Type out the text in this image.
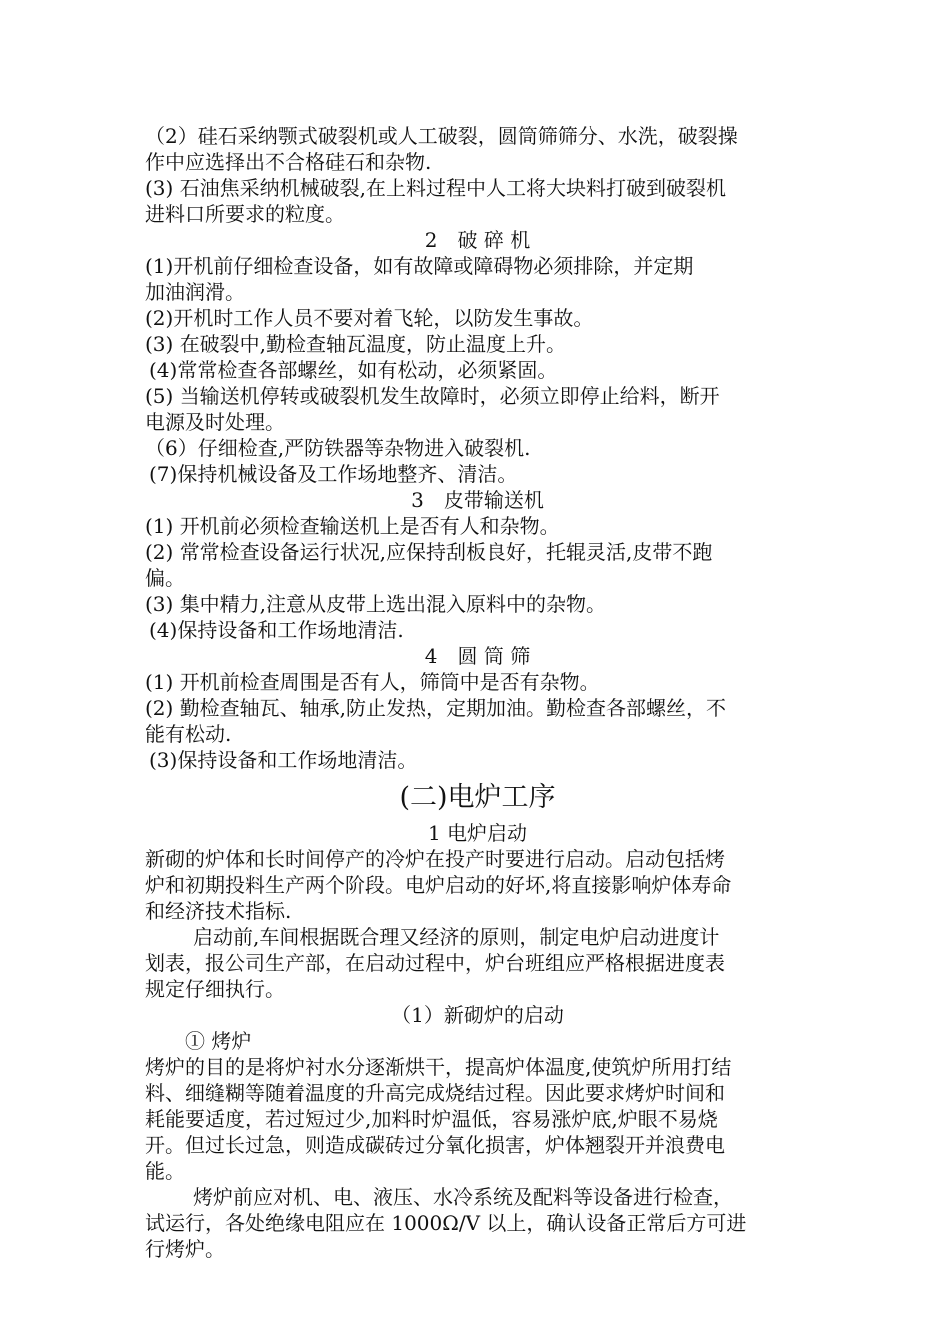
（2）硅石采纳颚式破裂机或人工破裂，圆筒筛筛分、水洗，破裂操

作中应选择出不合格硅石和杂物.

(3) 石油焦采纳机械破裂,在上料过程中人工将大块料打破到破裂机

进料口所要求的粒度。

2　破 碎 机

(1)开机前仔细检查设备，如有故障或障碍物必须排除，并定期

加油润滑。

(2)开机时工作人员不要对着飞轮，以防发生事故。

(3) 在破裂中,勤检查轴瓦温度，防止温度上升。

(4)常常检查各部螺丝，如有松动，必须紧固。

(5) 当输送机停转或破裂机发生故障时，必须立即停止给料，断开

电源及时处理。

（6）仔细检查,严防铁器等杂物进入破裂机.

(7)保持机械设备及工作场地整齐、清洁。

3　皮带输送机

(1) 开机前必须检查输送机上是否有人和杂物。

(2) 常常检查设备运行状况,应保持刮板良好，托辊灵活,皮带不跑

偏。

(3) 集中精力,注意从皮带上选出混入原料中的杂物。

(4)保持设备和工作场地清洁.

4　圆 筒 筛

(1) 开机前检查周围是否有人，筛筒中是否有杂物。

(2) 勤检查轴瓦、轴承,防止发热，定期加油。勤检查各部螺丝，不

能有松动.

(3)保持设备和工作场地清洁。

(二)电炉工序

1 电炉启动

新砌的炉体和长时间停产的冷炉在投产时要进行启动。启动包括烤

炉和初期投料生产两个阶段。电炉启动的好坏,将直接影响炉体寿命

和经济技术指标.

启动前,车间根据既合理又经济的原则，制定电炉启动进度计

划表，报公司生产部，在启动过程中，炉台班组应严格根据进度表

规定仔细执行。

（1）新砌炉的启动

① 烤炉

烤炉的目的是将炉衬水分逐渐烘干，提高炉体温度,使筑炉所用打结

料、细缝糊等随着温度的升高完成烧结过程。因此要求烤炉时间和

耗能要适度，若过短过少,加料时炉温低，容易涨炉底,炉眼不易烧

开。但过长过急，则造成碳砖过分氧化损害，炉体翘裂开并浪费电

能。

烤炉前应对机、电、液压、水冷系统及配料等设备进行检查，

试运行，各处绝缘电阻应在 1000Ω/V 以上，确认设备正常后方可进

行烤炉。
